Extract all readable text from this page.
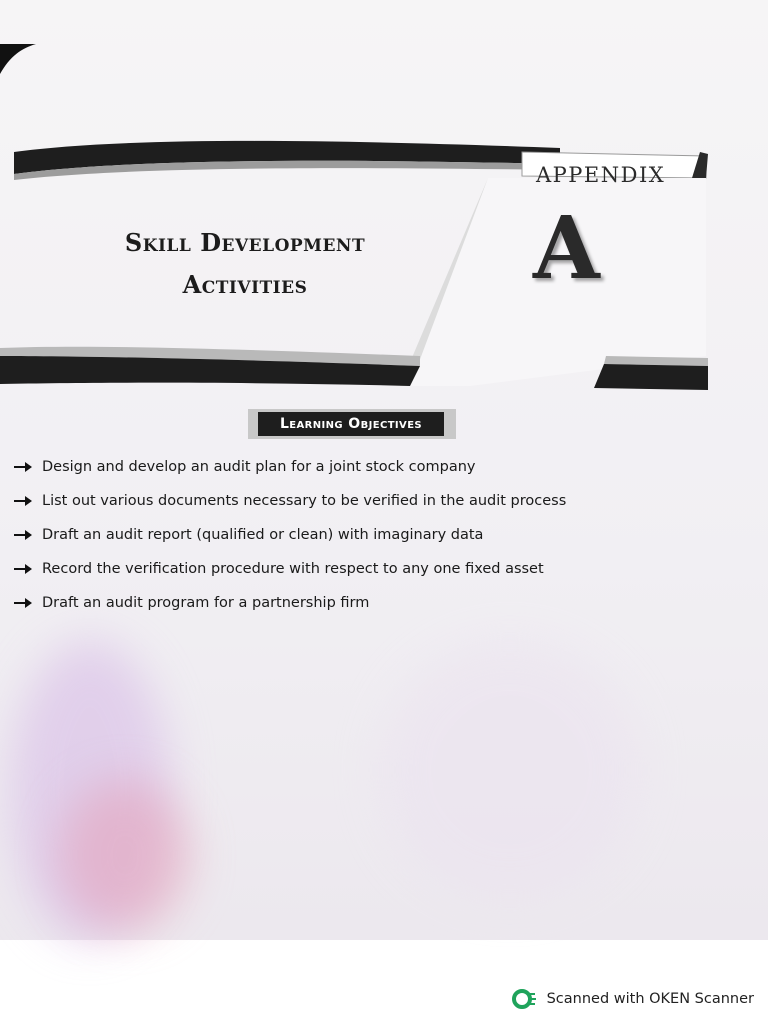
APPENDIX
A
Skill Development
Activities
Learning Objectives
Design and develop an audit plan for a joint stock company
List out various documents necessary to be verified in the audit process
Draft an audit report (qualified or clean) with imaginary data
Record the verification procedure with respect to any one fixed asset
Draft an audit program for a partnership firm
Scanned with OKEN Scanner
